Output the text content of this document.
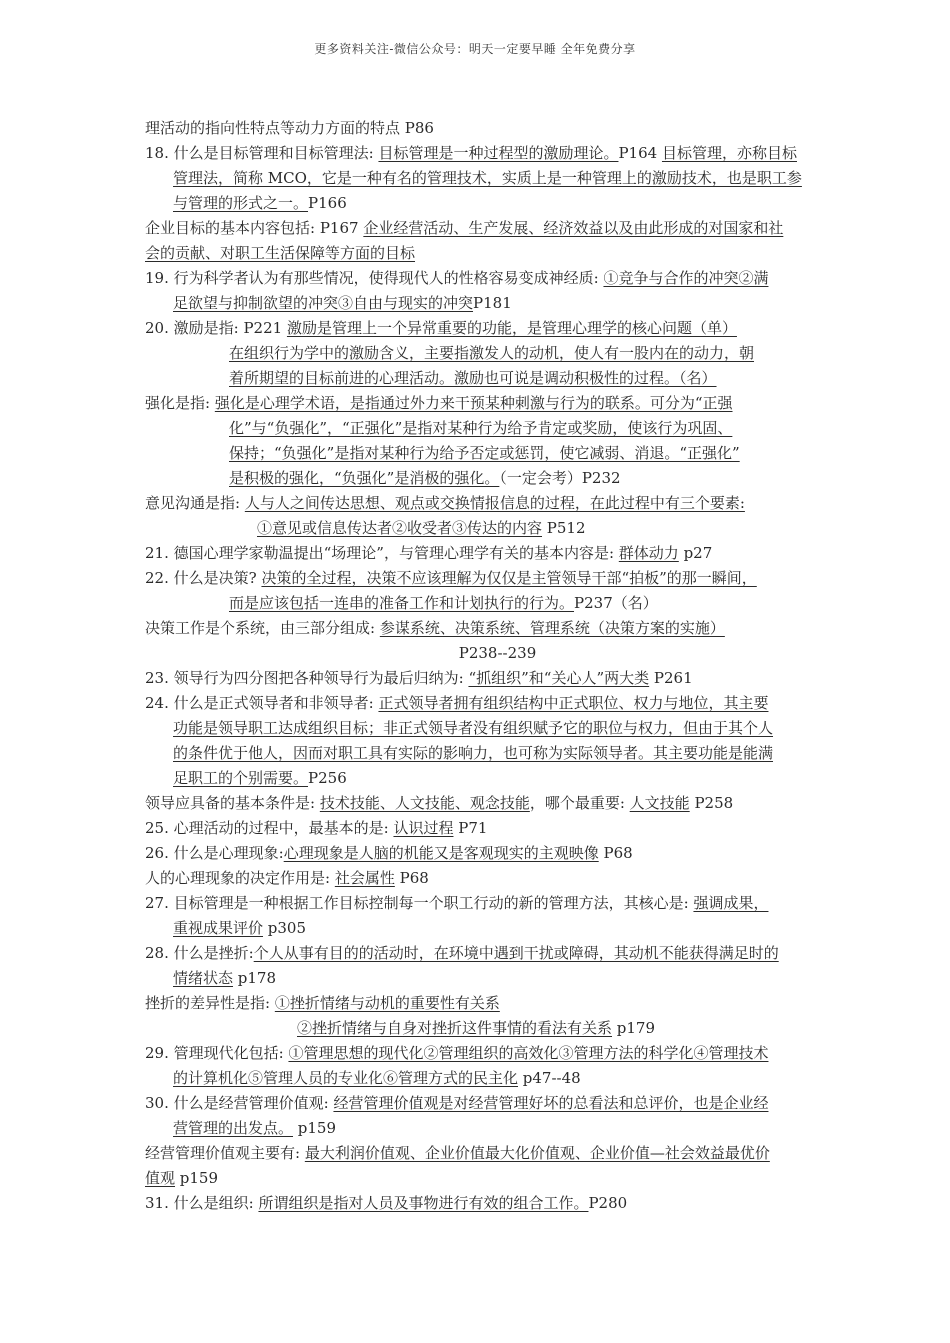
更多资料关注-微信公众号：明天一定要早睡 全年免费分享
理活动的指向性特点等动力方面的特点 P86
18. 什么是目标管理和目标管理法: 目标管理是一种过程型的激励理论。P164 目标管理，亦称目标
管理法，简称 MCO，它是一种有名的管理技术，实质上是一种管理上的激励技术，也是职工参
与管理的形式之一。P166
企业目标的基本内容包括: P167 企业经营活动、生产发展、经济效益以及由此形成的对国家和社
会的贡献、对职工生活保障等方面的目标
19. 行为科学者认为有那些情况，使得现代人的性格容易变成神经质: ①竞争与合作的冲突②满
足欲望与抑制欲望的冲突③自由与现实的冲突P181
20. 激励是指: P221 激励是管理上一个异常重要的功能，是管理心理学的核心问题（单）
在组织行为学中的激励含义，主要指激发人的动机，使人有一股内在的动力，朝
着所期望的目标前进的心理活动。激励也可说是调动积极性的过程。（名）
强化是指: 强化是心理学术语，是指通过外力来干预某种刺激与行为的联系。可分为“正强
化”与“负强化”，“正强化”是指对某种行为给予肯定或奖励，使该行为巩固、
保持；“负强化”是指对某种行为给予否定或惩罚，使它减弱、消退。“正强化”
是积极的强化，“负强化”是消极的强化。（一定会考）P232
意见沟通是指: 人与人之间传达思想、观点或交换情报信息的过程，在此过程中有三个要素:
①意见或信息传达者②收受者③传达的内容 P512
21. 德国心理学家勒温提出“场理论”，与管理心理学有关的基本内容是: 群体动力 p27
22. 什么是决策? 决策的全过程，决策不应该理解为仅仅是主管领导干部“拍板”的那一瞬间，
而是应该包括一连串的准备工作和计划执行的行为。P237（名）
决策工作是个系统，由三部分组成: 参谋系统、决策系统、管理系统（决策方案的实施）
P238--239
23. 领导行为四分图把各种领导行为最后归纳为: “抓组织”和“关心人”两大类 P261
24. 什么是正式领导者和非领导者: 正式领导者拥有组织结构中正式职位、权力与地位，其主要
功能是领导职工达成组织目标；非正式领导者没有组织赋予它的职位与权力，但由于其个人
的条件优于他人，因而对职工具有实际的影响力，也可称为实际领导者。其主要功能是能满
足职工的个别需要。P256
领导应具备的基本条件是: 技术技能、人文技能、观念技能，哪个最重要: 人文技能 P258
25. 心理活动的过程中，最基本的是: 认识过程 P71
26. 什么是心理现象:心理现象是人脑的机能又是客观现实的主观映像 P68
人的心理现象的决定作用是: 社会属性 P68
27. 目标管理是一种根据工作目标控制每一个职工行动的新的管理方法，其核心是: 强调成果，
重视成果评价 p305
28. 什么是挫折:个人从事有目的的活动时，在环境中遇到干扰或障碍，其动机不能获得满足时的
情绪状态 p178
挫折的差异性是指: ①挫折情绪与动机的重要性有关系
②挫折情绪与自身对挫折这件事情的看法有关系 p179
29. 管理现代化包括: ①管理思想的现代化②管理组织的高效化③管理方法的科学化④管理技术
的计算机化⑤管理人员的专业化⑥管理方式的民主化 p47--48
30. 什么是经营管理价值观: 经营管理价值观是对经营管理好坏的总看法和总评价，也是企业经
营管理的出发点。 p159
经营管理价值观主要有: 最大利润价值观、企业价值最大化价值观、企业价值—社会效益最优价
值观 p159
31. 什么是组织: 所谓组织是指对人员及事物进行有效的组合工作。P280
